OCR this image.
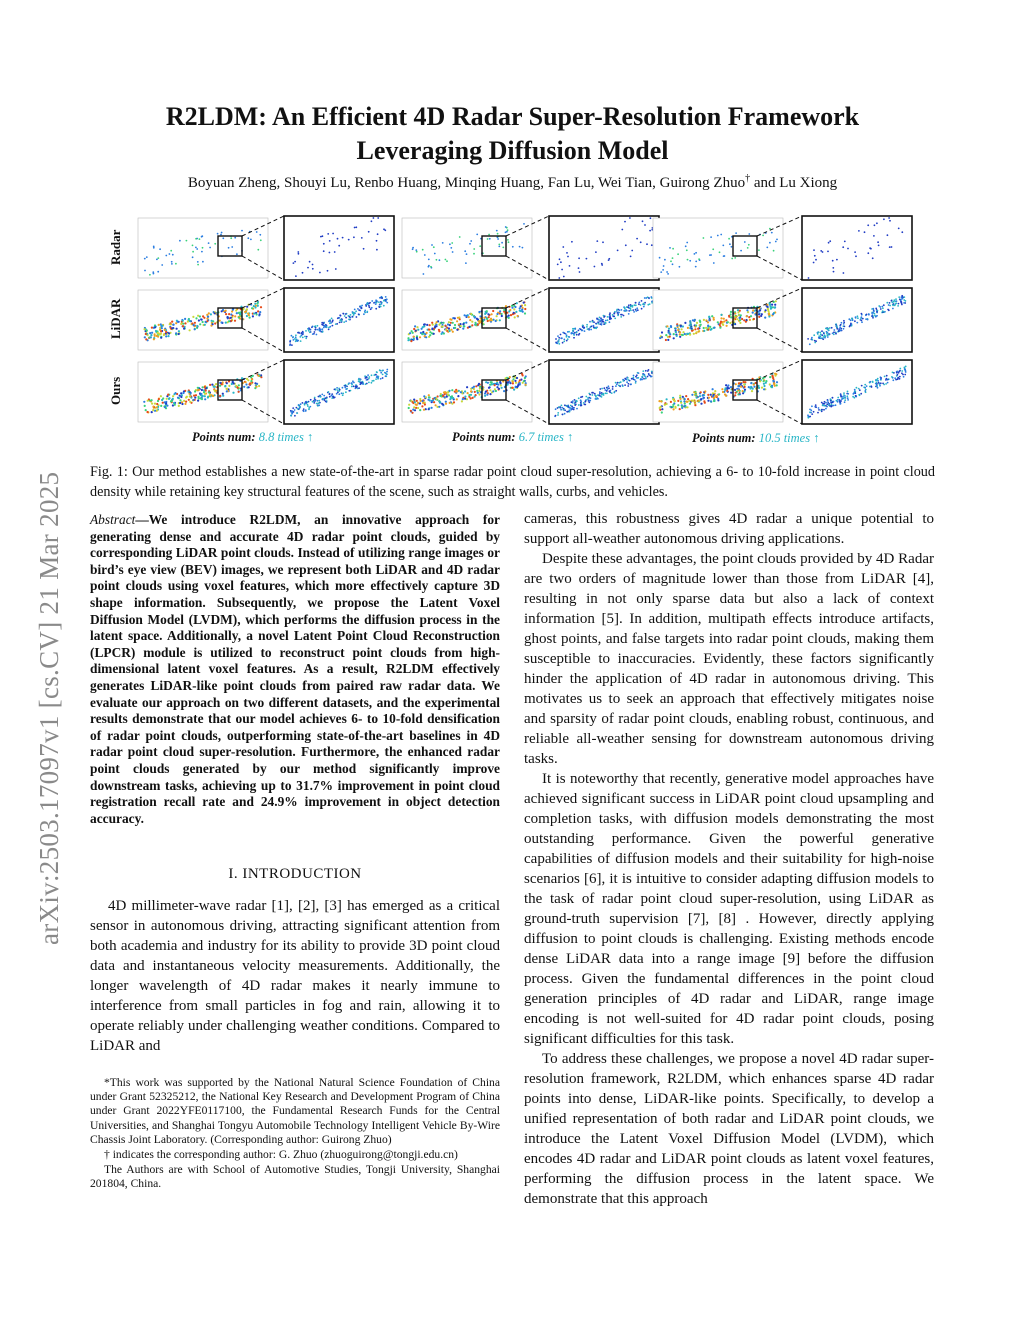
arXiv:2503.17097v1 [cs.CV] 21 Mar 2025
R2LDM: An Efficient 4D Radar Super-Resolution Framework
Leveraging Diffusion Model
Boyuan Zheng, Shouyi Lu, Renbo Huang, Minqing Huang, Fan Lu, Wei Tian, Guirong Zhuo† and Lu Xiong
Radar
LiDAR
Ours
Points num: 8.8 times ↑	Points num: 6.7 times ↑	Points num: 10.5 times ↑
Fig. 1: Our method establishes a new state-of-the-art in sparse radar point cloud super-resolution, achieving a 6- to 10-fold increase in point cloud density while retaining key structural features of the scene, such as straight walls, curbs, and vehicles.
Abstract—We introduce R2LDM, an innovative approach for generating dense and accurate 4D radar point clouds, guided by corresponding LiDAR point clouds. Instead of utilizing range images or bird’s eye view (BEV) images, we represent both LiDAR and 4D radar point clouds using voxel features, which more effectively capture 3D shape information. Subsequently, we propose the Latent Voxel Diffusion Model (LVDM), which performs the diffusion process in the latent space. Additionally, a novel Latent Point Cloud Reconstruction (LPCR) module is utilized to reconstruct point clouds from high-dimensional latent voxel features. As a result, R2LDM effectively generates LiDAR-like point clouds from paired raw radar data. We evaluate our approach on two different datasets, and the experimental results demonstrate that our model achieves 6- to 10-fold densification of radar point clouds, outperforming state-of-the-art baselines in 4D radar point cloud super-resolution. Furthermore, the enhanced radar point clouds generated by our method significantly improve downstream tasks, achieving up to 31.7% improvement in point cloud registration recall rate and 24.9% improvement in object detection accuracy.
I. INTRODUCTION

4D millimeter-wave radar [1], [2], [3] has emerged as a critical sensor in autonomous driving, attracting significant attention from both academia and industry for its ability to provide 3D point cloud data and instantaneous velocity measurements. Additionally, the longer wavelength of 4D radar makes it nearly immune to interference from small particles in fog and rain, allowing it to operate reliably under challenging weather conditions. Compared to LiDAR and

*This work was supported by the National Natural Science Foundation of China under Grant 52325212, the National Key Research and Development Program of China under Grant 2022YFE0117100, the Fundamental Research Funds for the Central Universities, and Shanghai Tongyu Automobile Technology Intelligent Vehicle By-Wire Chassis Joint Laboratory. (Corresponding author: Guirong Zhuo)

† indicates the corresponding author: G. Zhuo (zhuoguirong@tongji.edu.cn)

The Authors are with School of Automotive Studies, Tongji University, Shanghai 201804, China.

cameras, this robustness gives 4D radar a unique potential to support all-weather autonomous driving applications.

Despite these advantages, the point clouds provided by 4D Radar are two orders of magnitude lower than those from LiDAR [4], resulting in not only sparse data but also a lack of context information [5]. In addition, multipath effects introduce artifacts, ghost points, and false targets into radar point clouds, making them susceptible to inaccuracies. Evidently, these factors significantly hinder the application of 4D radar in autonomous driving. This motivates us to seek an approach that effectively mitigates noise and sparsity of radar point clouds, enabling robust, continuous, and reliable all-weather sensing for downstream autonomous driving tasks.

It is noteworthy that recently, generative model approaches have achieved significant success in LiDAR point cloud upsampling and completion tasks, with diffusion models demonstrating the most outstanding performance. Given the powerful generative capabilities of diffusion models and their suitability for high-noise scenarios [6], it is intuitive to consider adapting diffusion models to the task of radar point cloud super-resolution, using LiDAR as ground-truth supervision [7], [8] . However, directly applying diffusion to point clouds is challenging. Existing methods encode dense LiDAR data into a range image [9] before the diffusion process. Given the fundamental differences in the point cloud generation principles of 4D radar and LiDAR, range image encoding is not well-suited for 4D radar point clouds, posing significant difficulties for this task.

To address these challenges, we propose a novel 4D radar super-resolution framework, R2LDM, which enhances sparse 4D radar points into dense, LiDAR-like points. Specifically, to develop a unified representation of both radar and LiDAR point clouds, we introduce the Latent Voxel Diffusion Model (LVDM), which encodes 4D radar and LiDAR point clouds as latent voxel features, performing the diffusion process in the latent space. We demonstrate that this approach
